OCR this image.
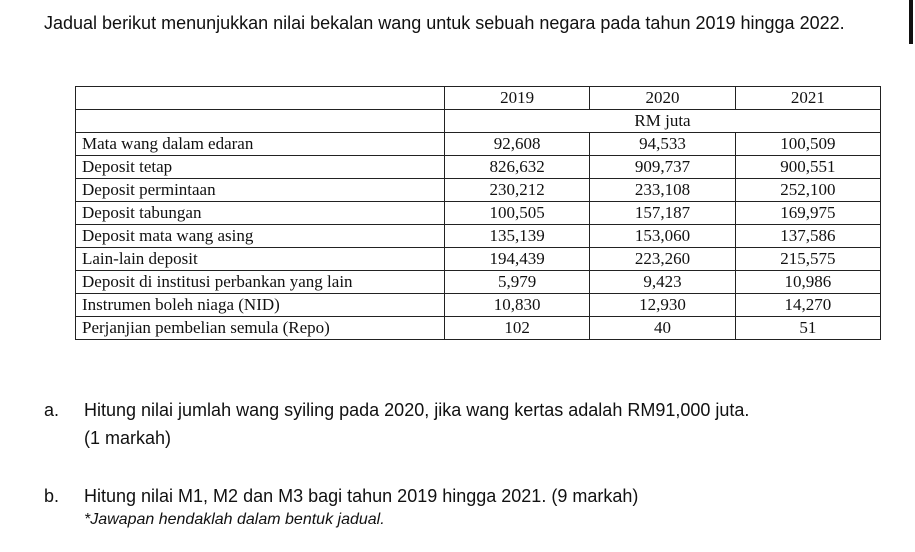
Jadual berikut menunjukkan nilai bekalan wang untuk sebuah negara pada tahun 2019 hingga 2022.
	2019	2020	2021
	RM juta		
Mata wang dalam edaran	92,608	94,533	100,509
Deposit tetap	826,632	909,737	900,551
Deposit permintaan	230,212	233,108	252,100
Deposit tabungan	100,505	157,187	169,975
Deposit mata wang asing	135,139	153,060	137,586
Lain-lain deposit	194,439	223,260	215,575
Deposit di institusi perbankan yang lain	5,979	9,423	10,986
Instrumen boleh niaga (NID)	10,830	12,930	14,270
Perjanjian pembelian semula (Repo)	102	40	51
a. Hitung nilai jumlah wang syiling pada 2020, jika wang kertas adalah RM91,000 juta.
(1 markah)
b. Hitung nilai M1, M2 dan M3 bagi tahun 2019 hingga 2021. (9 markah)
*Jawapan hendaklah dalam bentuk jadual.
